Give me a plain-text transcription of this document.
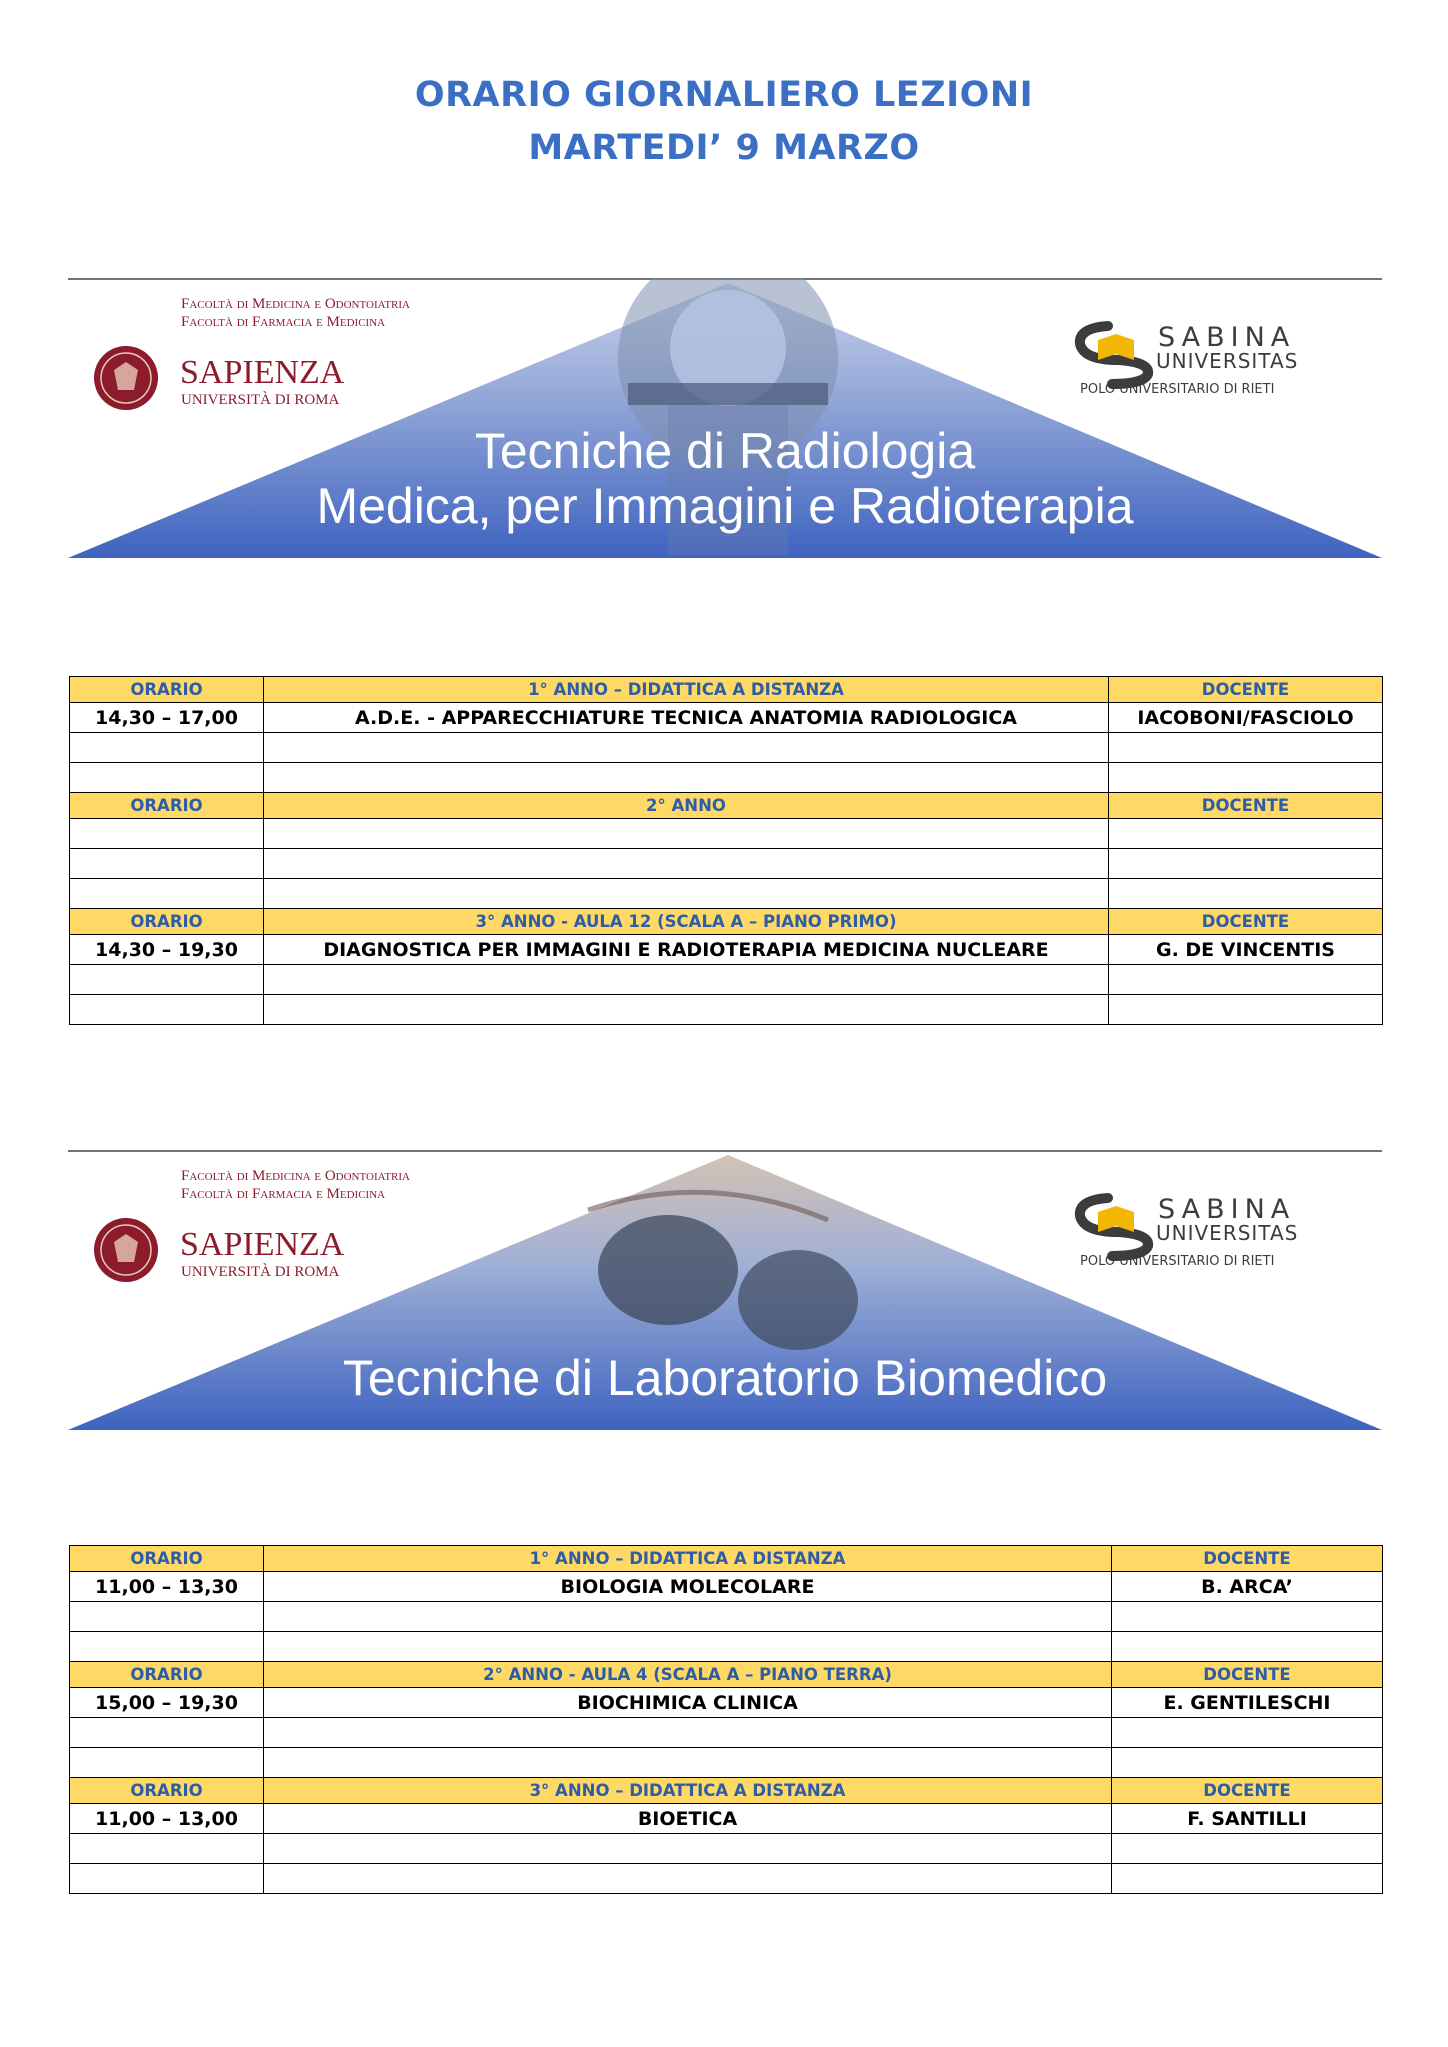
ORARIO GIORNALIERO LEZIONI
MARTEDI’ 9 MARZO
Facoltà di Medicina e Odontoiatria
Facoltà di Farmacia e Medicina
SAPIENZA
UNIVERSITÀ DI ROMA
SABINA
UNIVERSITAS
POLO UNIVERSITARIO DI RIETI
Tecniche di Radiologia
Medica, per Immagini e Radioterapia
ORARIO	1° ANNO – DIDATTICA A DISTANZA	DOCENTE
14,30 – 17,00	A.D.E. - APPARECCHIATURE TECNICA ANATOMIA RADIOLOGICA	IACOBONI/FASCIOLO

ORARIO	2° ANNO	DOCENTE

ORARIO	3° ANNO - AULA 12 (SCALA A – PIANO PRIMO)	DOCENTE
14,30 – 19,30	DIAGNOSTICA PER IMMAGINI E RADIOTERAPIA MEDICINA NUCLEARE	G. DE VINCENTIS

Facoltà di Medicina e Odontoiatria
Facoltà di Farmacia e Medicina
SAPIENZA
UNIVERSITÀ DI ROMA
SABINA
UNIVERSITAS
POLO UNIVERSITARIO DI RIETI
Tecniche di Laboratorio Biomedico
ORARIO	1° ANNO – DIDATTICA A DISTANZA	DOCENTE
11,00 – 13,30	BIOLOGIA MOLECOLARE	B. ARCA’

ORARIO	2° ANNO - AULA 4 (SCALA A – PIANO TERRA)	DOCENTE
15,00 – 19,30	BIOCHIMICA CLINICA	E. GENTILESCHI

ORARIO	3° ANNO – DIDATTICA A DISTANZA	DOCENTE
11,00 – 13,00	BIOETICA	F. SANTILLI
